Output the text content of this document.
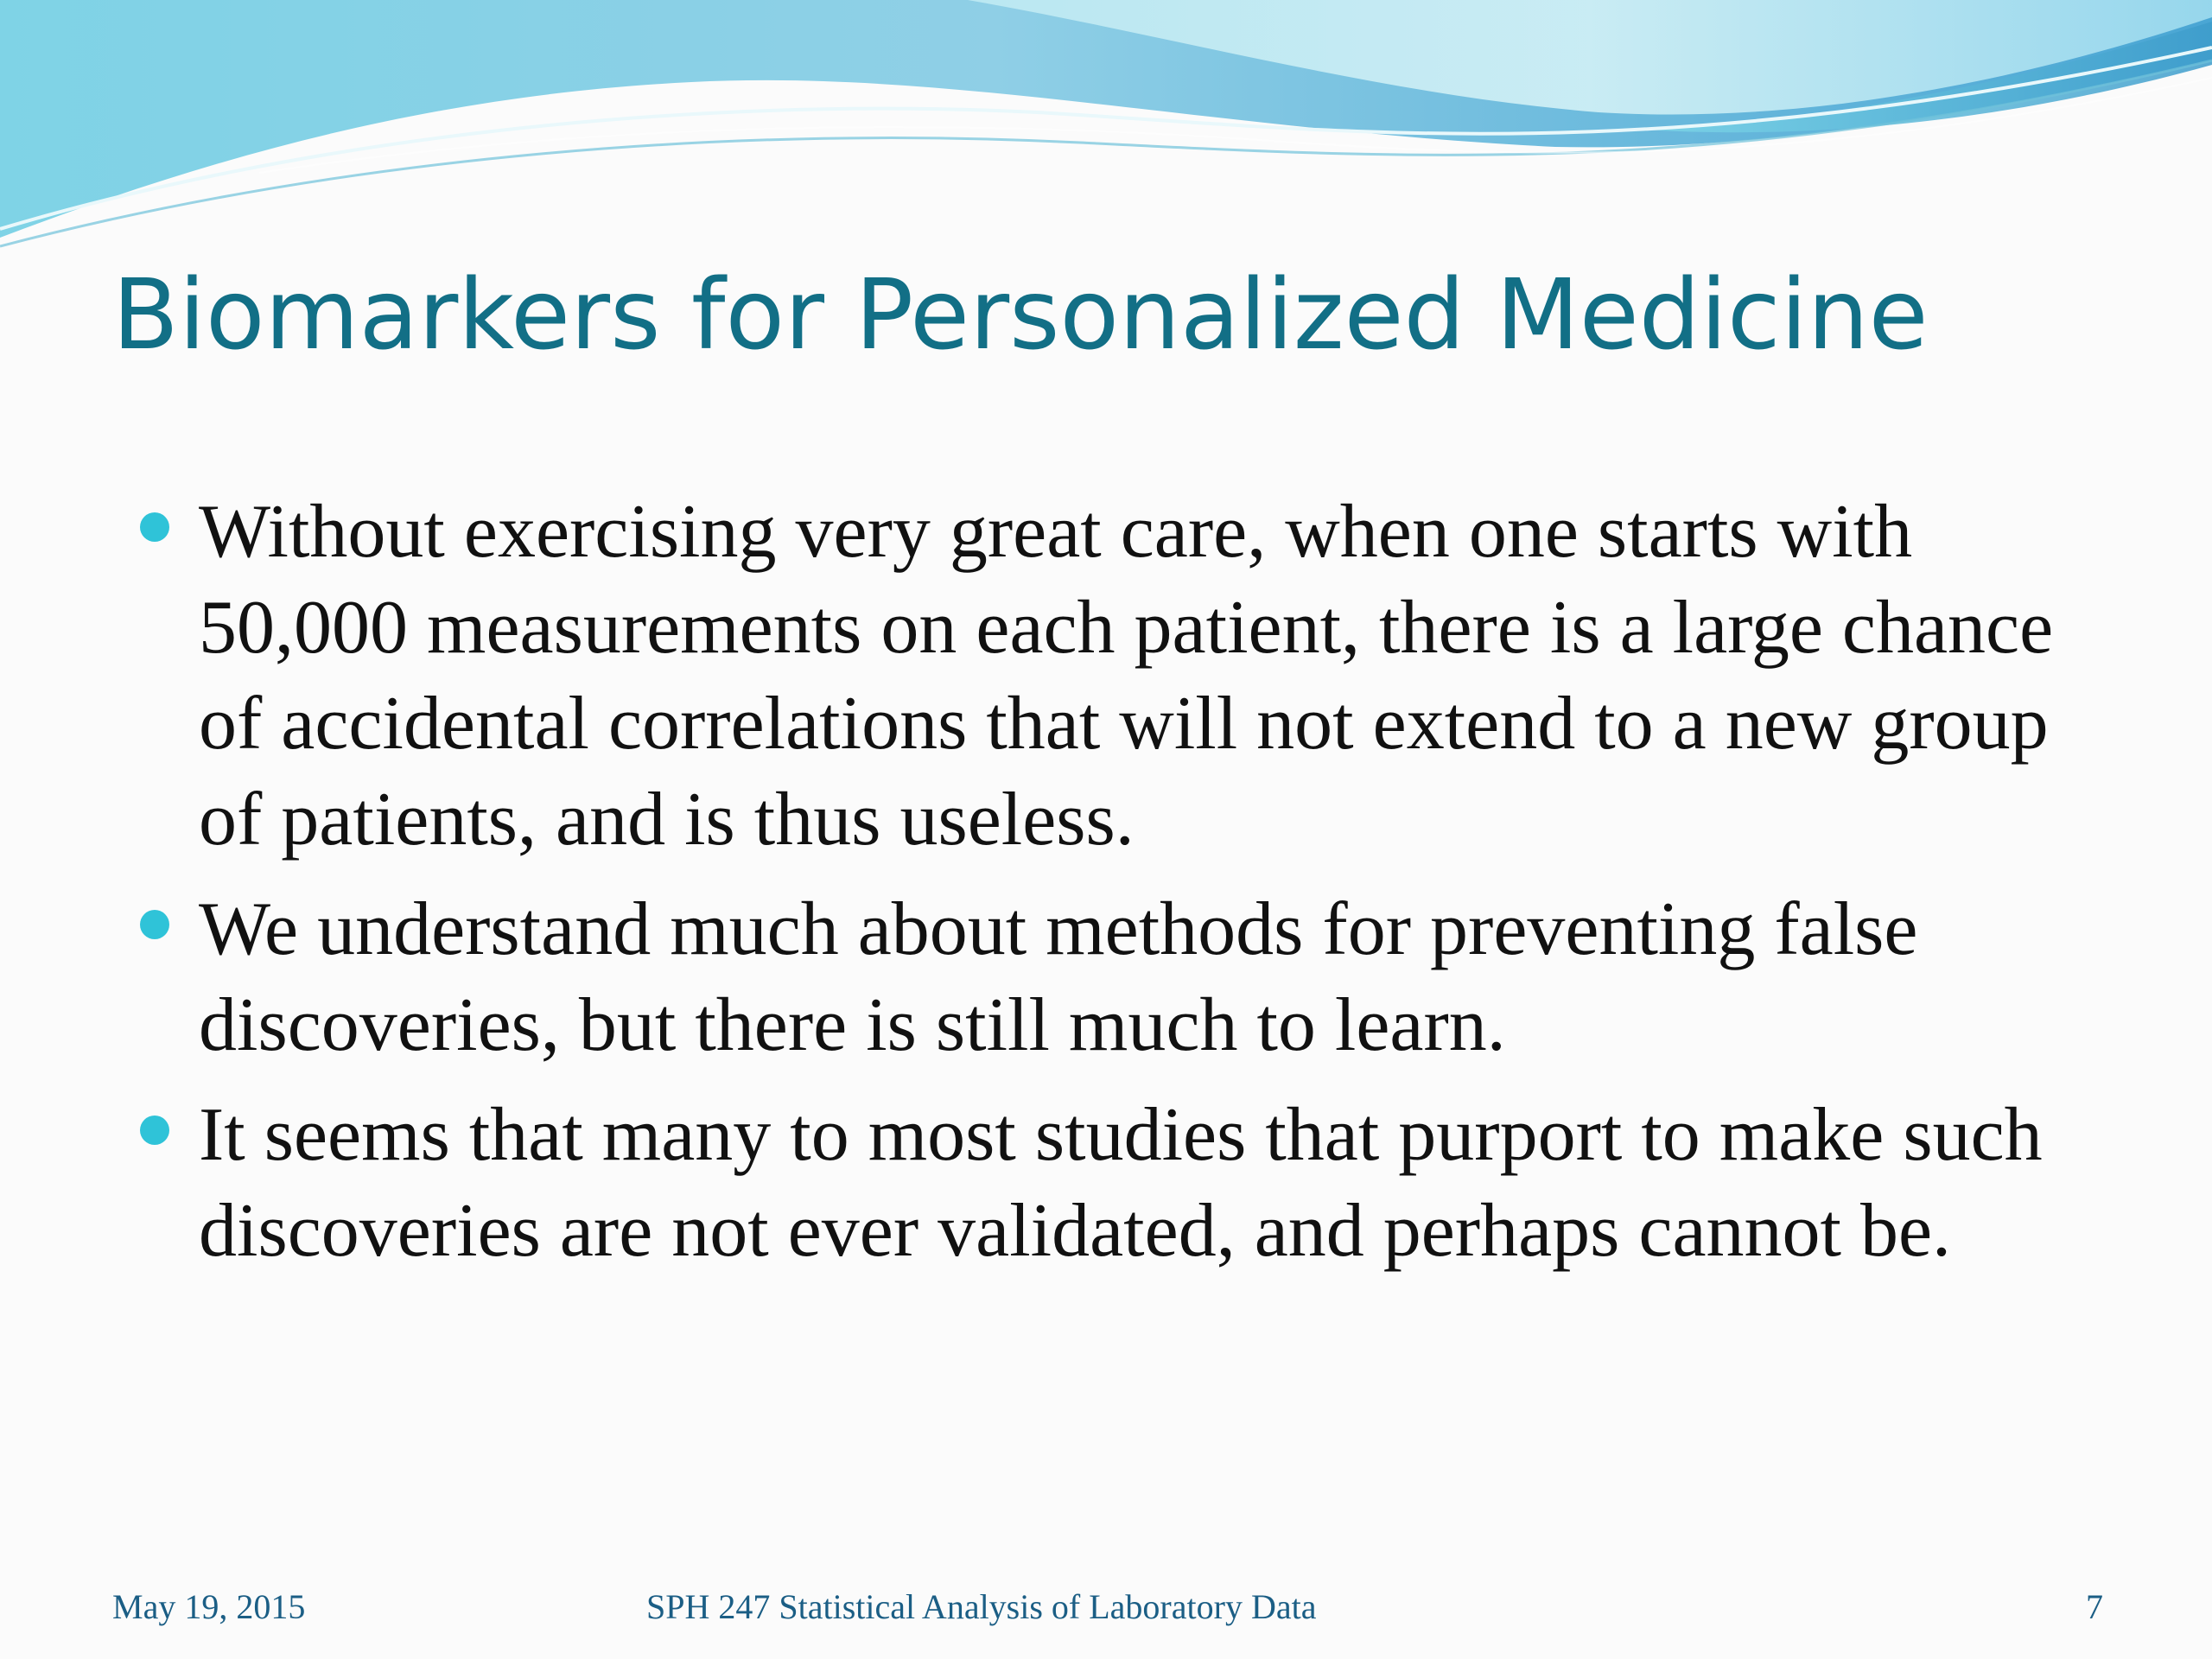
Biomarkers for Personalized Medicine
Without exercising very great care, when one starts with 50,000 measurements on each patient, there is a large chance of accidental correlations that will not extend to a new group of patients, and is thus useless.
We understand much about methods for preventing false discoveries, but there is still much to learn.
It seems that many to most studies that purport to make such discoveries are not ever validated, and perhaps cannot be.
May 19, 2015	SPH 247 Statistical Analysis of Laboratory Data	7
